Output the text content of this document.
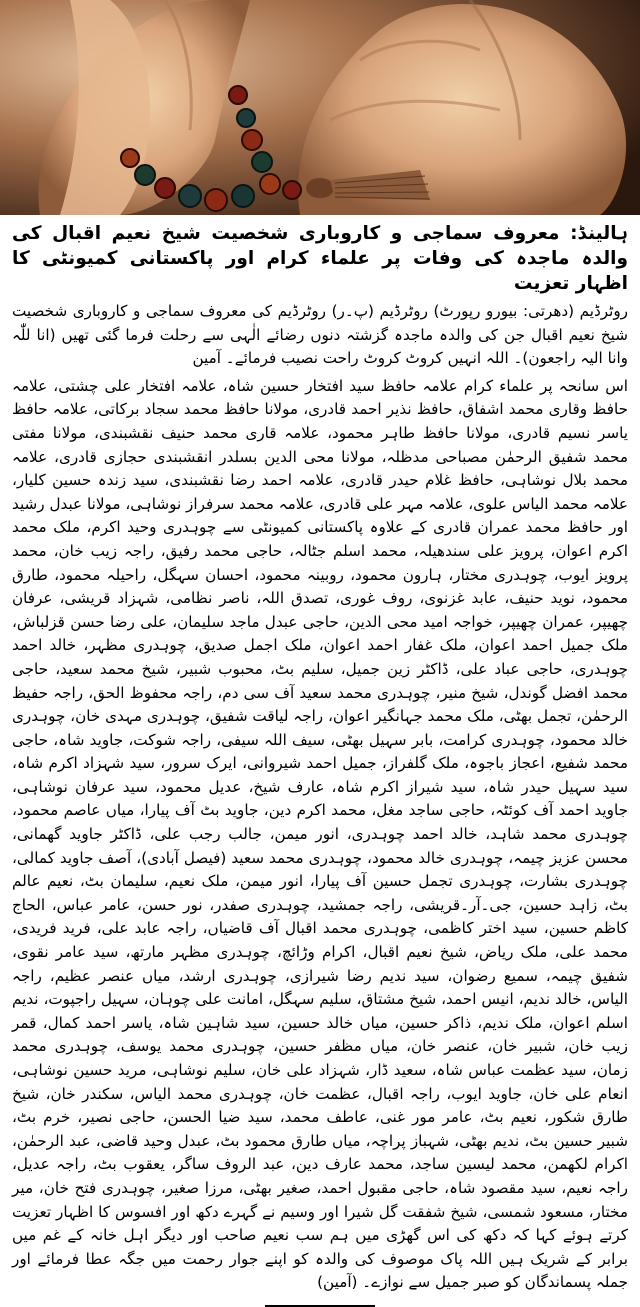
ہالینڈ: معروف سماجی و کاروباری شخصیت شیخ نعیم اقبال کی والدہ ماجدہ کی وفات پر علماء کرام اور پاکستانی کمیونٹی کا اظہار تعزیت

روٹرڈیم (دھرتی: بیورو رپورٹ) روٹرڈیم (پ۔ر) روٹرڈیم کی معروف سماجی و کاروباری شخصیت شیخ نعیم اقبال جن کی والدہ ماجدہ گزشتہ دنوں رضائے الٰہی سے رحلت فرما گئی تھیں (انا للّٰہ وانا الیہ راجعون)۔ اللہ انہیں کروٹ کروٹ راحت نصیب فرمائے۔ آمین

اس سانحہ پر علماء کرام علامہ حافظ سید افتخار حسین شاہ، علامہ افتخار علی چشتی، علامہ حافظ وقاری محمد اشفاق، حافظ نذیر احمد قادری، مولانا حافظ محمد سجاد برکاتی، علامہ حافظ یاسر نسیم قادری، مولانا حافظ طاہر محمود، علامہ قاری محمد حنیف نقشبندی، مولانا مفتی محمد شفیق الرحمٰن مصباحی مدظلہ، مولانا محی الدین بسلدر انقشبندی حجازی قادری، علامہ محمد بلال نوشاہی، حافظ غلام حیدر قادری، علامہ احمد رضا نقشبندی، سید زندہ حسین کلیار، علامہ محمد الیاس علوی، علامہ مہر علی قادری، علامہ محمد سرفراز نوشاہی، مولانا عبدل رشید اور حافظ محمد عمران قادری کے علاوہ پاکستانی کمیونٹی سے چوہدری وحید اکرم، ملک محمد اکرم اعوان، پرویز علی سندھیلہ، محمد اسلم جٹالہ، حاجی محمد رفیق، راجہ زیب خان، محمد پرویز ایوب، چوہدری مختار، ہارون محمود، روبینہ محمود، احسان سہگل، راحیلہ محمود، طارق محمود، نوید حنیف، عابد غزنوی، روف غوری، تصدق اللہ، ناصر نظامی، شہزاد قریشی، عرفان چھیپر، عمران چھیپر، خواجہ امید محی الدین، حاجی عبدل ماجد سلیمان، علی رضا حسن قزلباش، ملک جمیل احمد اعوان، ملک غفار احمد اعوان، ملک اجمل صدیق، چوہدری مظہر، خالد احمد چوہدری، حاجی عباد علی، ڈاکٹر زین جمیل، سلیم بٹ، محبوب شبیر، شیخ محمد سعید، حاجی محمد افضل گوندل، شیخ منیر، چوہدری محمد سعید آف سی دم، راجہ محفوظ الحق، راجہ حفیظ الرحمٰن، تجمل بھٹی، ملک محمد جہانگیر اعوان، راجہ لیاقت شفیق، چوہدری مہدی خان، چوہدری خالد محمود، چوہدری کرامت، بابر سہیل بھٹی، سیف اللہ سیفی، راجہ شوکت، جاوید شاہ، حاجی محمد شفیع، اعجاز باجوہ، ملک گلفراز، جمیل احمد شیروانی، ایرک سرور، سید شہزاد اکرم شاہ، سید سہیل حیدر شاہ، سید شیراز اکرم شاہ، عارف شیخ، عدیل محمود، سید عرفان نوشاہی، جاوید احمد آف کوئٹہ، حاجی ساجد مغل، محمد اکرم دین، جاوید بٹ آف پیارا، میاں عاصم محمود، چوہدری محمد شاہد، خالد احمد چوہدری، انور میمن، جالب رجب علی، ڈاکٹر جاوید گھمانی، محسن عزیز چیمہ، چوہدری خالد محمود، چوہدری محمد سعید (فیصل آبادی)، آصف جاوید کمالی، چوہدری بشارت، چوہدری تجمل حسین آف پیارا، انور میمن، ملک نعیم، سلیمان بٹ، نعیم عالم بٹ، زاہد حسین، جی۔آر۔قریشی، راجہ جمشید، چوہدری صفدر، نور حسن، عامر عباس، الحاج کاظم حسین، سید اختر کاظمی، چوہدری محمد اقبال آف قاضیاں، راجہ عابد علی، فرید فریدی، محمد علی، ملک ریاض، شیخ نعیم اقبال، اکرام وڑائچ، چوہدری مظہر مارتھ، سید عامر نقوی، شفیق چیمہ، سمیع رضوان، سید ندیم رضا شیرازی، چوہدری ارشد، میاں عنصر عظیم، راجہ الیاس، خالد ندیم، انیس احمد، شیخ مشتاق، سلیم سہگل، امانت علی چوہان، سہیل راجپوت، ندیم اسلم اعوان، ملک ندیم، ذاکر حسین، میاں خالد حسین، سید شاہین شاہ، یاسر احمد کمال، قمر زیب خان، شبیر خان، عنصر خان، میاں مظفر حسین، چوہدری محمد یوسف، چوہدری محمد زمان، سید عظمت عباس شاہ، سعید ڈار، شہزاد علی خان، سلیم نوشاہی، مرید حسین نوشاہی، انعام علی خان، جاوید ایوب، راجہ اقبال، عظمت خان، چوہدری محمد الیاس، سکندر خان، شیخ طارق شکور، نعیم بٹ، عامر مور غنی، عاطف محمد، سید ضیا الحسن، حاجی نصیر، خرم بٹ، شبیر حسین بٹ، ندیم بھٹی، شہباز پراچہ، میاں طارق محمود بٹ، عبدل وحید قاضی، عبد الرحمٰن، اکرام لکھمن، محمد لیسین ساجد، محمد عارف دین، عبد الروف ساگر، یعقوب بٹ، راجہ عدیل، راجہ نعیم، سید مقصود شاہ، حاجی مقبول احمد، صغیر بھٹی، مرزا صغیر، چوہدری فتح خان، میر مختار، مسعود شمسی، شیخ شفقت گل شیرا اور وسیم نے گہرے دکھ اور افسوس کا اظہار تعزیت کرتے ہوئے کہا کہ دکھ کی اس گھڑی میں ہم سب نعیم صاحب اور دیگر اہل خانہ کے غم میں برابر کے شریک ہیں اللہ پاک موصوف کی والدہ کو اپنے جوار رحمت میں جگہ عطا فرمائے اور جملہ پسماندگان کو صبر جمیل سے نوازے۔ (آمین)
